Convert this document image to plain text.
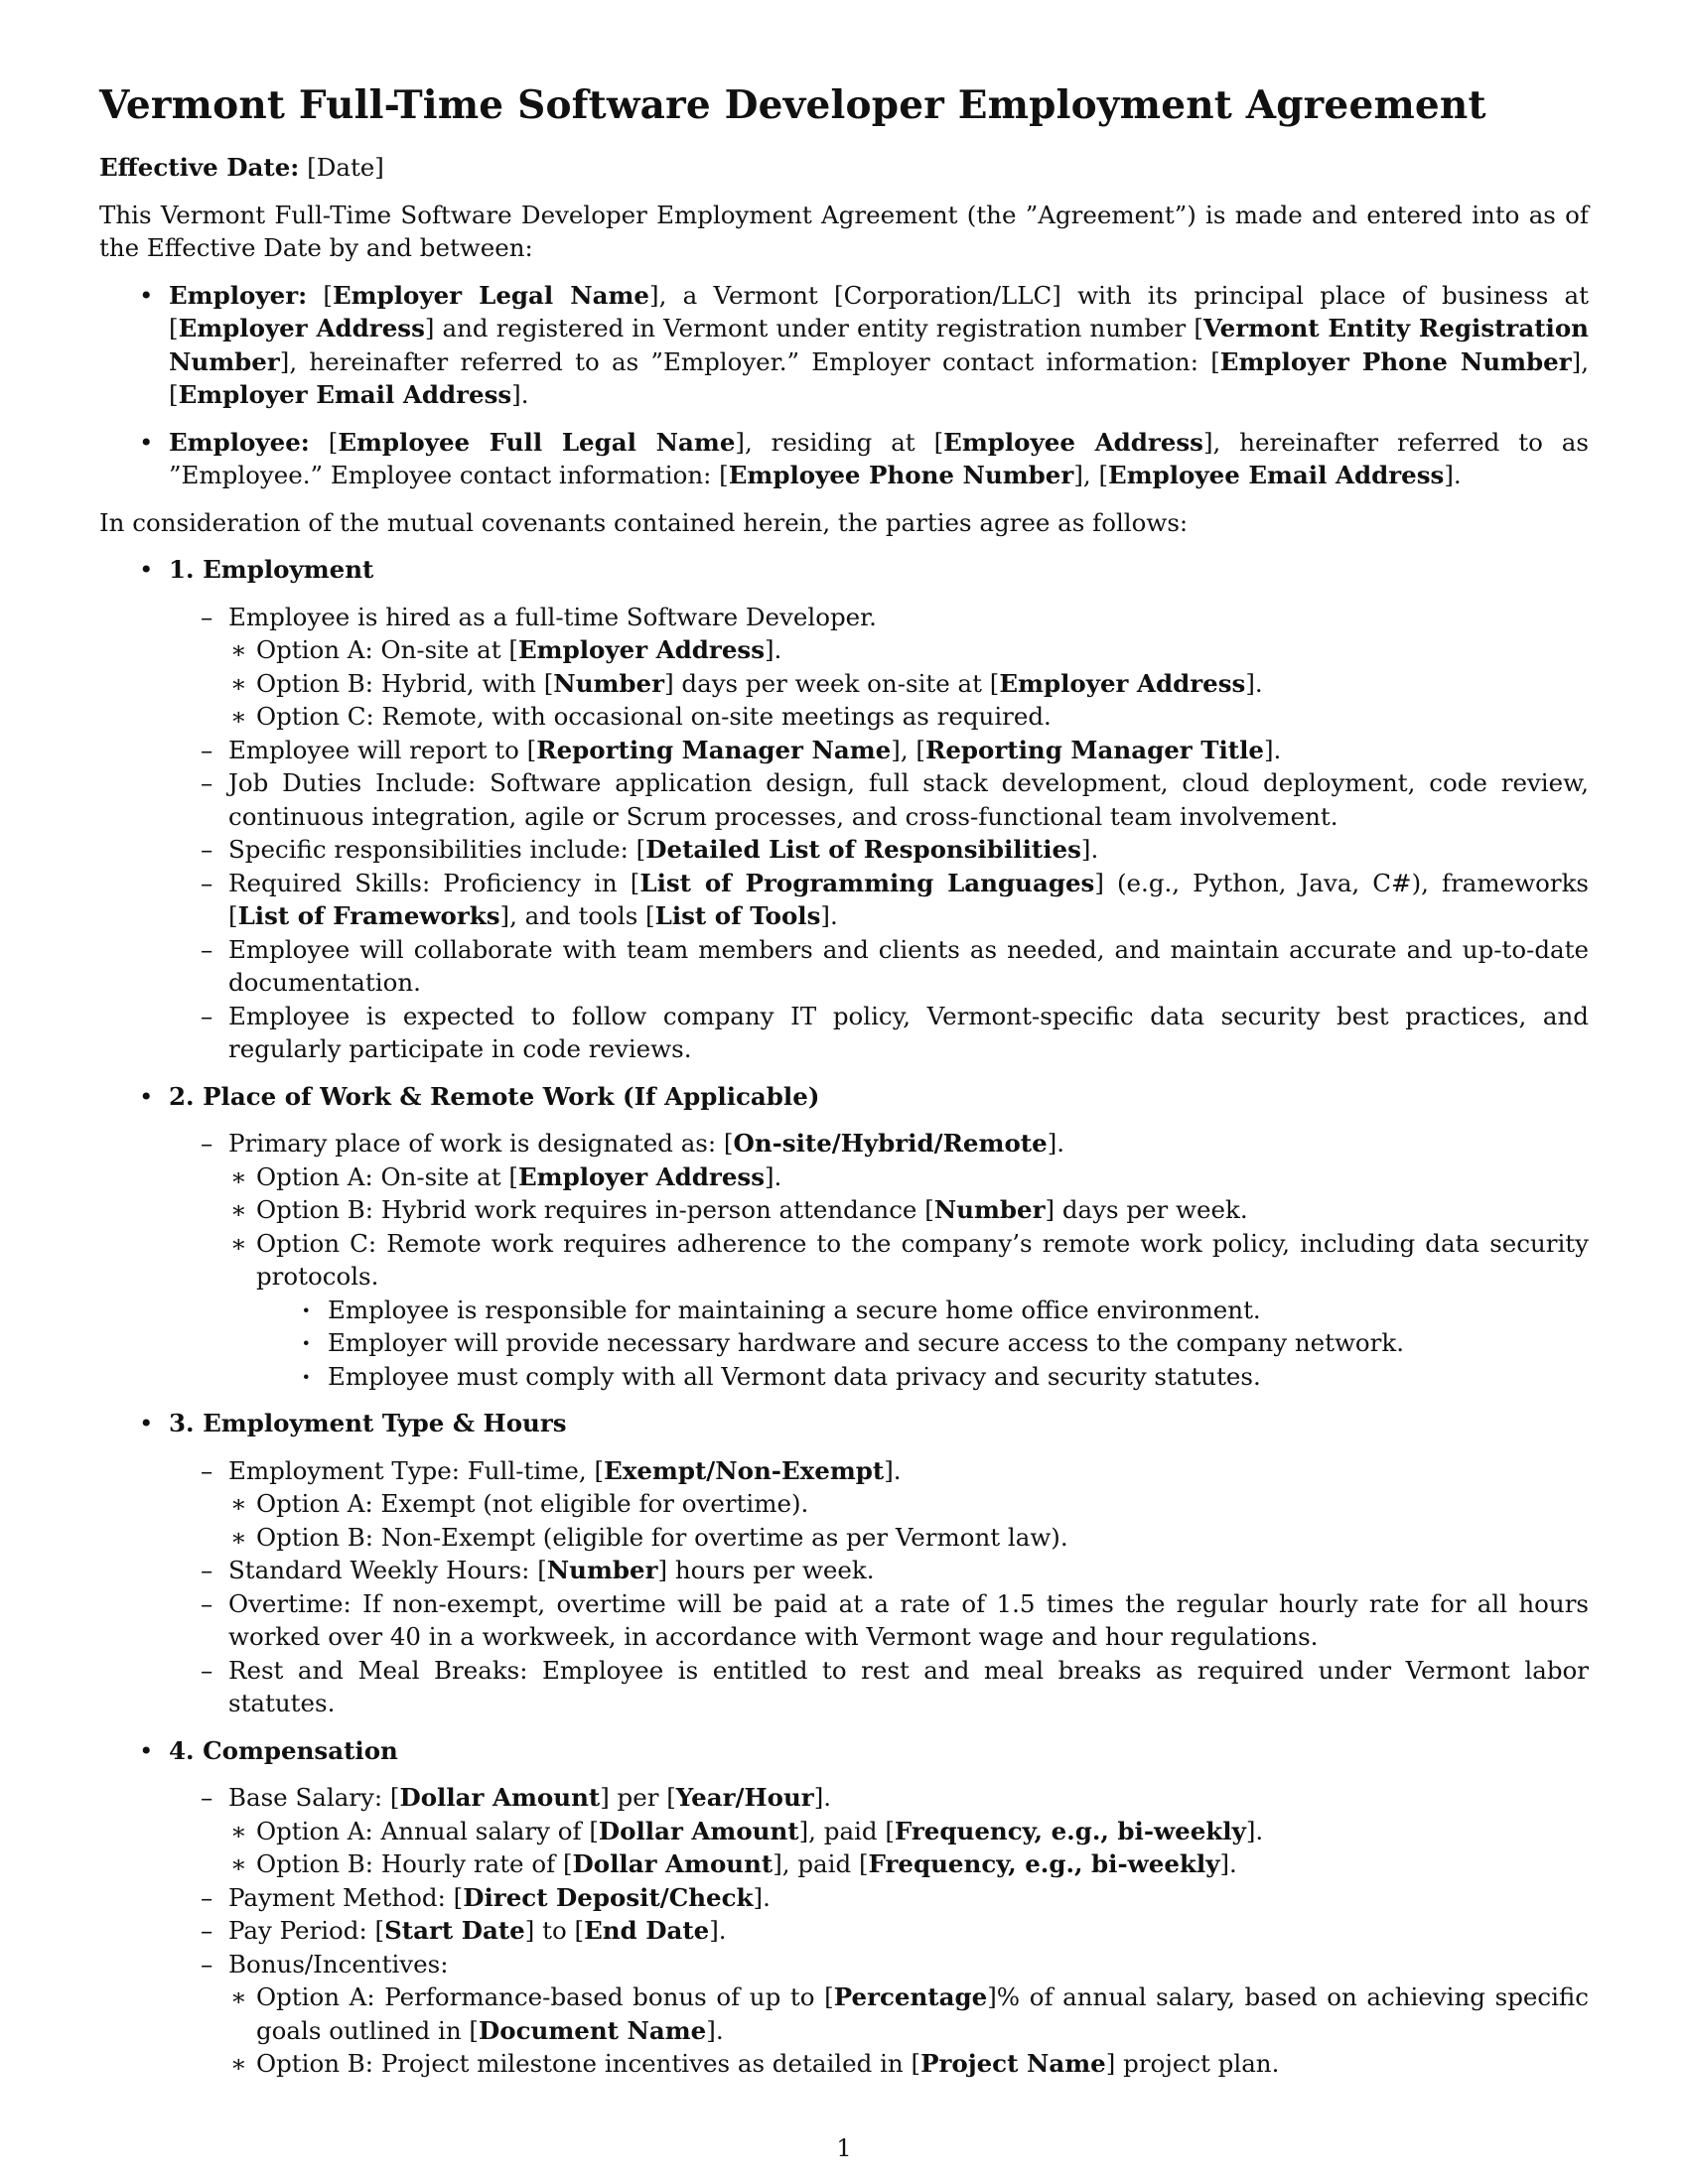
Vermont Full-Time Software Developer Employment Agreement

Effective Date: [Date]

This Vermont Full-Time Software Developer Employment Agreement (the ”Agreement”) is made and entered into as of the Effective Date by and between:

• Employer: [Employer Legal Name], a Vermont [Corporation/LLC] with its principal place of business at [Employer Address] and registered in Vermont under entity registration number [Vermont Entity Registration Number], hereinafter referred to as ”Employer.” Employer contact information: [Employer Phone Number], [Employer Email Address].
• Employee: [Employee Full Legal Name], residing at [Employee Address], hereinafter referred to as ”Employee.” Employee contact information: [Employee Phone Number], [Employee Email Address].

In consideration of the mutual covenants contained herein, the parties agree as follows:

• 1. Employment
– Employee is hired as a full-time Software Developer.
∗ Option A: On-site at [Employer Address].
∗ Option B: Hybrid, with [Number] days per week on-site at [Employer Address].
∗ Option C: Remote, with occasional on-site meetings as required.
– Employee will report to [Reporting Manager Name], [Reporting Manager Title].
– Job Duties Include: Software application design, full stack development, cloud deployment, code review, continuous integration, agile or Scrum processes, and cross-functional team involvement.
– Specific responsibilities include: [Detailed List of Responsibilities].
– Required Skills: Proficiency in [List of Programming Languages] (e.g., Python, Java, C#), frameworks [List of Frameworks], and tools [List of Tools].
– Employee will collaborate with team members and clients as needed, and maintain accurate and up-to-date documentation.
– Employee is expected to follow company IT policy, Vermont-specific data security best practices, and regularly participate in code reviews.
• 2. Place of Work & Remote Work (If Applicable)
– Primary place of work is designated as: [On-site/Hybrid/Remote].
∗ Option A: On-site at [Employer Address].
∗ Option B: Hybrid work requires in-person attendance [Number] days per week.
∗ Option C: Remote work requires adherence to the company’s remote work policy, including data security protocols.
· Employee is responsible for maintaining a secure home office environment.
· Employer will provide necessary hardware and secure access to the company network.
· Employee must comply with all Vermont data privacy and security statutes.
• 3. Employment Type & Hours
– Employment Type: Full-time, [Exempt/Non-Exempt].
∗ Option A: Exempt (not eligible for overtime).
∗ Option B: Non-Exempt (eligible for overtime as per Vermont law).
– Standard Weekly Hours: [Number] hours per week.
– Overtime: If non-exempt, overtime will be paid at a rate of 1.5 times the regular hourly rate for all hours worked over 40 in a workweek, in accordance with Vermont wage and hour regulations.
– Rest and Meal Breaks: Employee is entitled to rest and meal breaks as required under Vermont labor statutes.
• 4. Compensation
– Base Salary: [Dollar Amount] per [Year/Hour].
∗ Option A: Annual salary of [Dollar Amount], paid [Frequency, e.g., bi-weekly].
∗ Option B: Hourly rate of [Dollar Amount], paid [Frequency, e.g., bi-weekly].
– Payment Method: [Direct Deposit/Check].
– Pay Period: [Start Date] to [End Date].
– Bonus/Incentives:
∗ Option A: Performance-based bonus of up to [Percentage]% of annual salary, based on achieving specific goals outlined in [Document Name].
∗ Option B: Project milestone incentives as detailed in [Project Name] project plan.
1
